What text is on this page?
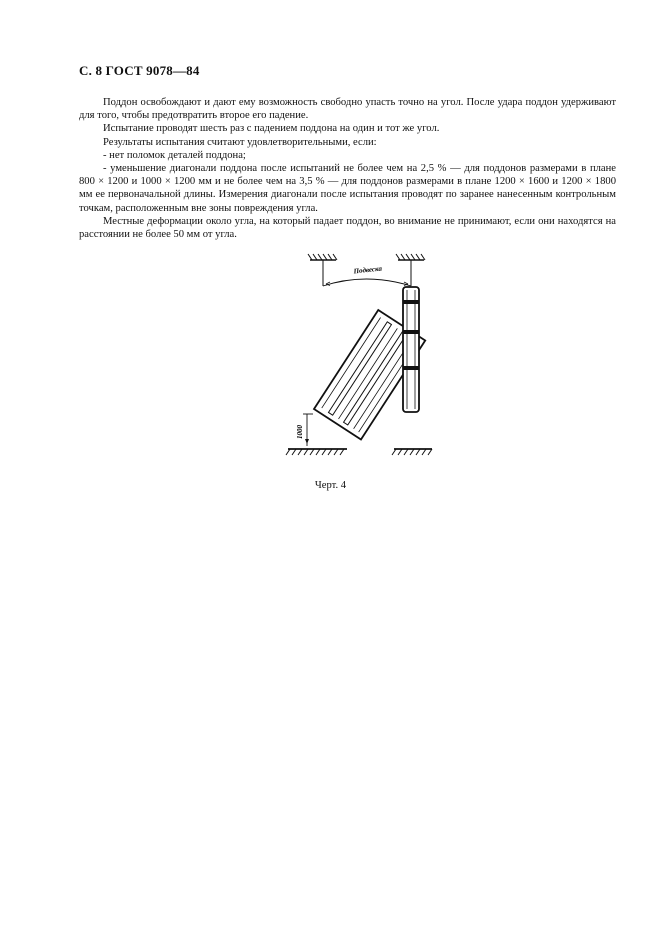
С. 8 ГОСТ 9078—84

Поддон освобождают и дают ему возможность свободно упасть точно на угол. После удара поддон удерживают для того, чтобы предотвратить второе его падение.

Испытание проводят шесть раз с падением поддона на один и тот же угол.

Результаты испытания считают удовлетворительными, если:

- нет поломок деталей поддона;

- уменьшение диагонали поддона после испытаний не более чем на 2,5 % — для поддонов размерами в плане 800 × 1200 и 1000 × 1200 мм и не более чем на 3,5 % — для поддонов размерами в плане 1200 × 1600 и 1200 × 1800 мм ее первоначальной длины. Измерения диагонали после испытания проводят по заранее нанесенным контрольным точкам, расположенным вне зоны повреждения угла.

Местные деформации около угла, на который падает поддон, во внимание не принимают, если они находятся на расстоянии не более 50 мм от угла.

Подвеска
1000
Черт. 4
